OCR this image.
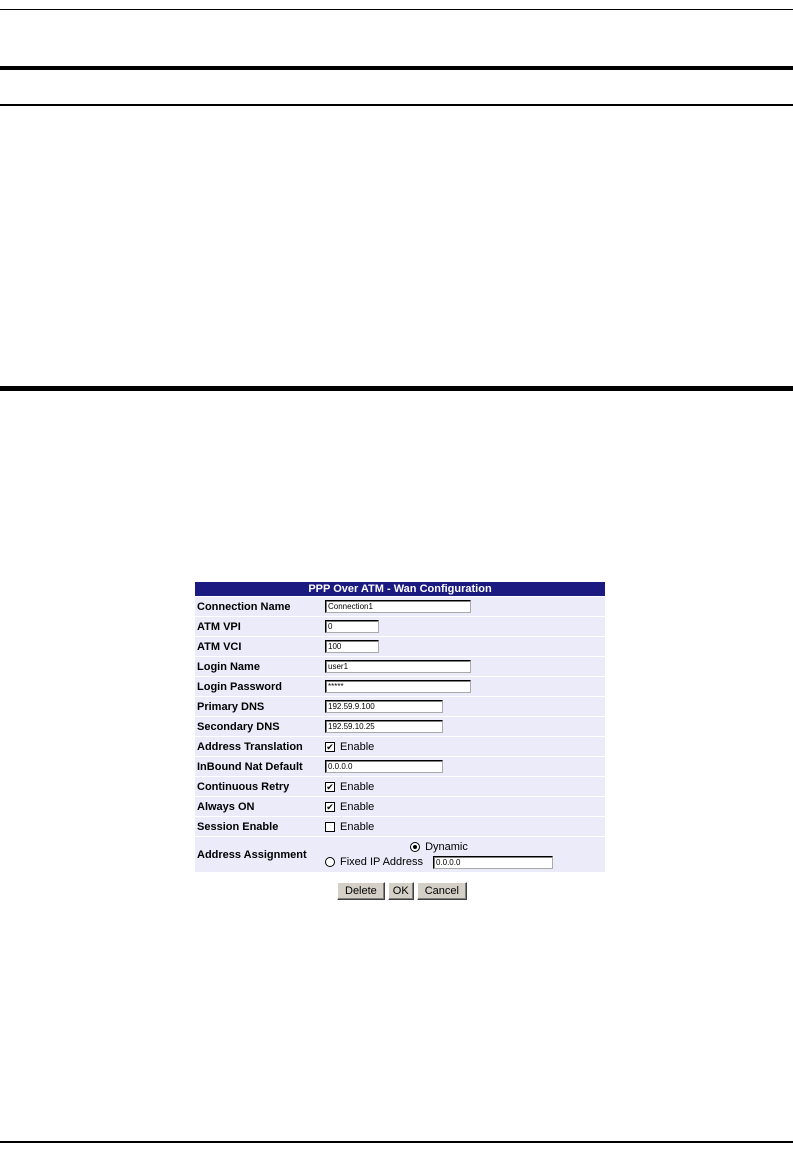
PPP Over ATM - Wan Configuration
Connection Name	Connection1
ATM VPI	0
ATM VCI	100
Login Name	user1
Login Password	*****
Primary DNS	192.59.9.100
Secondary DNS	192.59.10.25
Address Translation	✔ Enable
InBound Nat Default	0.0.0.0
Continuous Retry	✔ Enable
Always ON	✔ Enable
Session Enable	Enable
Address Assignment
Dynamic
Fixed IP Address	0.0.0.0
Delete	OK	Cancel
